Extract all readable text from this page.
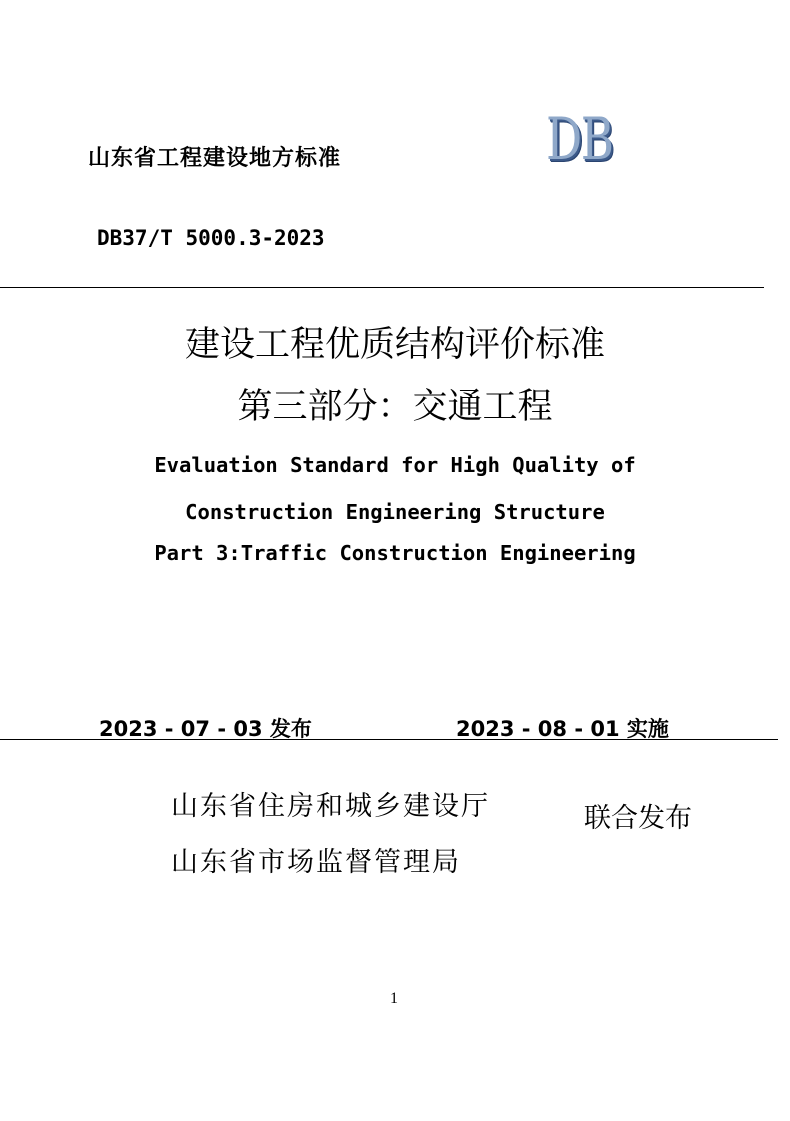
山东省工程建设地方标准	DB
DB37/T 5000.3-2023
建设工程优质结构评价标准
第三部分：交通工程
Evaluation Standard for High Quality of
Construction Engineering Structure
Part 3:Traffic Construction Engineering
2023 - 07 - 03 发布	2023 - 08 - 01 实施
山东省住房和城乡建设厅
山东省市场监督管理局
联合发布
1
